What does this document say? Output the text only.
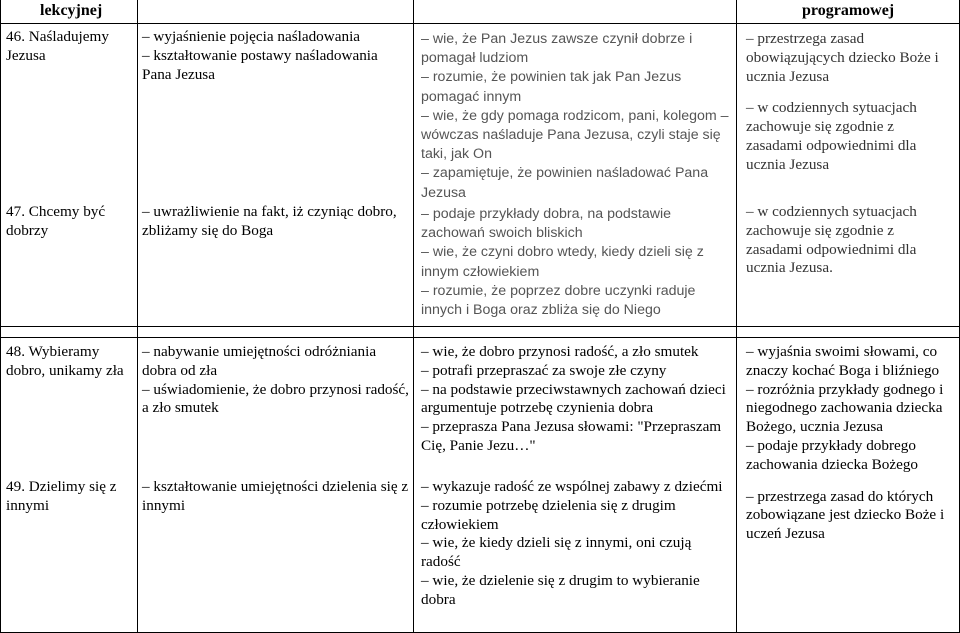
lekcyjnej	programowej
46. Naśladujemy Jezusa

– wyjaśnienie pojęcia naśladowania

– kształtowanie postawy naśladowania Pana Jezusa

– wie, że Pan Jezus zawsze czynił dobrze i pomagał ludziom

– rozumie, że powinien tak jak Pan Jezus pomagać innym

– wie, że gdy pomaga rodzicom, pani, kolegom – wówczas naśladuje Pana Jezusa, czyli staje się taki, jak On

– zapamiętuje, że powinien naśladować Pana Jezusa

– przestrzega zasad obowiązujących dziecko Boże i ucznia Jezusa

– w codziennych sytuacjach zachowuje się zgodnie z zasadami odpowiednimi dla ucznia Jezusa

47. Chcemy być dobrzy

– uwrażliwienie na fakt, iż czyniąc dobro, zbliżamy się do Boga

– podaje przykłady dobra, na podstawie zachowań swoich bliskich

– wie, że czyni dobro wtedy, kiedy dzieli się z innym człowiekiem

– rozumie, że poprzez dobre uczynki raduje innych i Boga oraz zbliża się do Niego

– w codziennych sytuacjach zachowuje się zgodnie z zasadami odpowiednimi dla ucznia Jezusa.

48. Wybieramy dobro, unikamy zła

– nabywanie umiejętności odróżniania dobra od zła

– uświadomienie, że dobro przynosi radość, a zło smutek

– wie, że dobro przynosi radość, a zło smutek

– potrafi przepraszać za swoje złe czyny

– na podstawie przeciwstawnych zachowań dzieci argumentuje potrzebę czynienia dobra

– przeprasza Pana Jezusa słowami: "Przepraszam Cię, Panie Jezu…"

– wyjaśnia swoimi słowami, co znaczy kochać Boga i bliźniego

– rozróżnia przykłady godnego i niegodnego zachowania dziecka Bożego, ucznia Jezusa

– podaje przykłady dobrego zachowania dziecka Bożego

– przestrzega zasad do których zobowiązane jest dziecko Boże i uczeń Jezusa

49. Dzielimy się z innymi

– kształtowanie umiejętności dzielenia się z innymi

– wykazuje radość ze wspólnej zabawy z dziećmi

– rozumie potrzebę dzielenia się z drugim człowiekiem

– wie, że kiedy dzieli się z innymi, oni czują radość

– wie, że dzielenie się z drugim to wybieranie dobra
